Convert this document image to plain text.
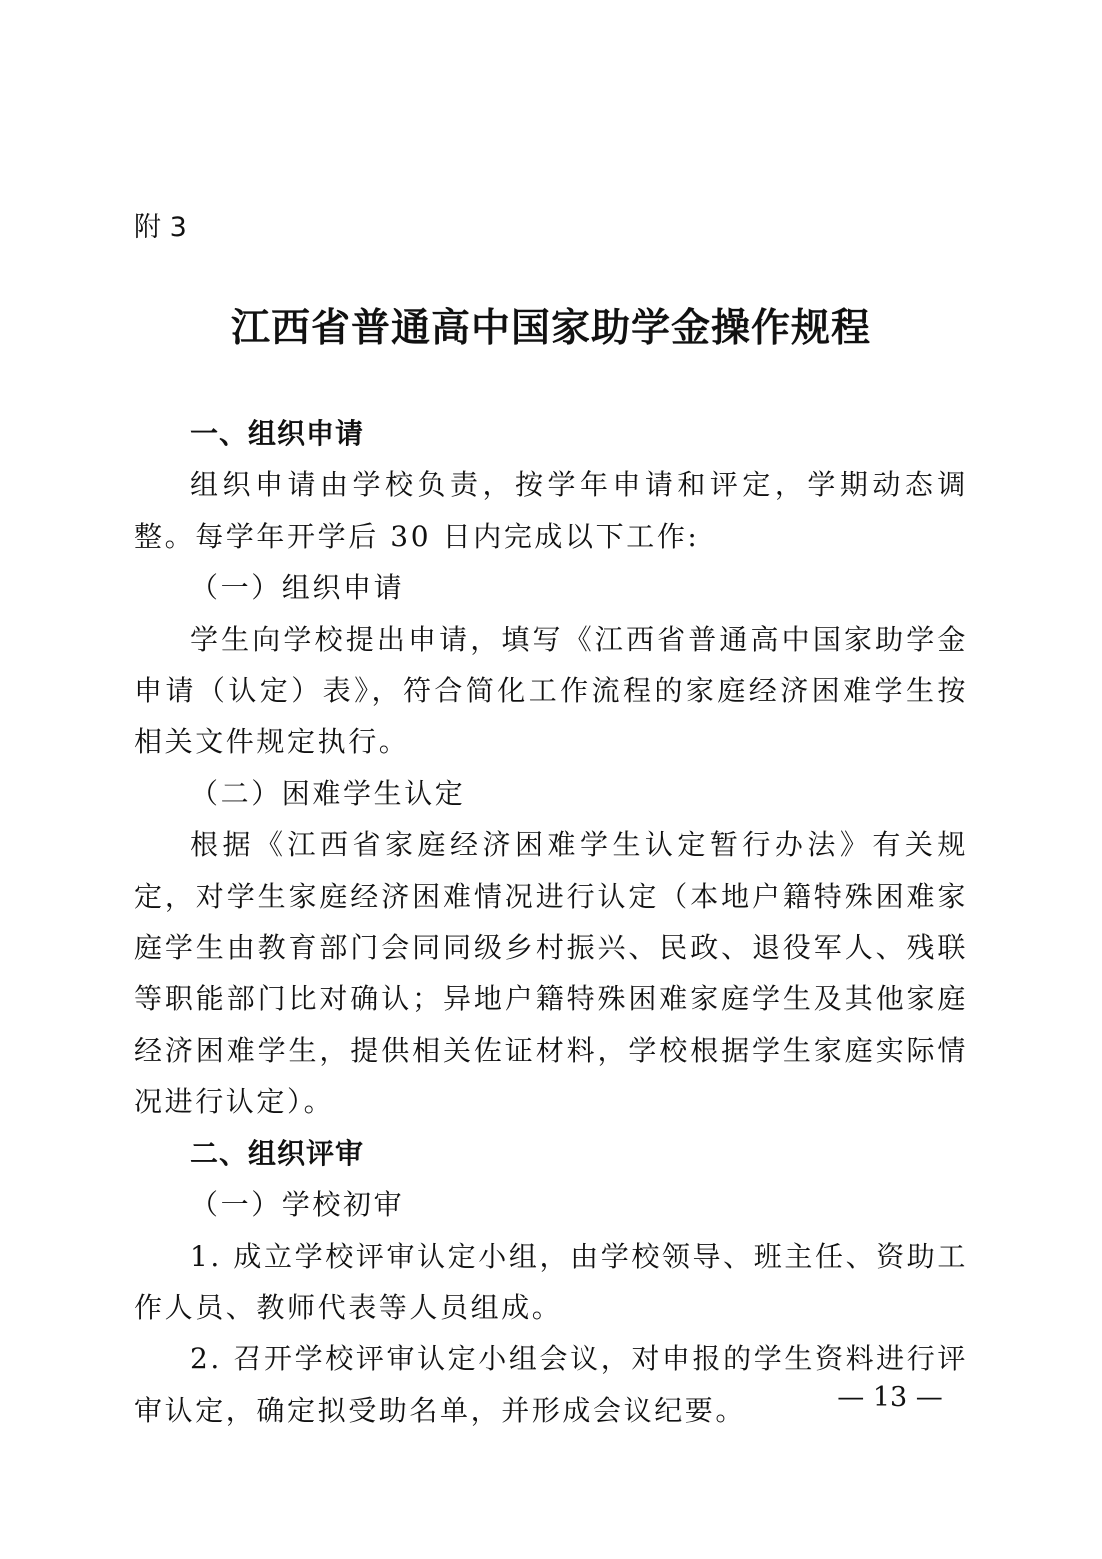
附 3
江西省普通高中国家助学金操作规程

一、组织申请

组织申请由学校负责，按学年申请和评定，学期动态调整。每学年开学后 30 日内完成以下工作:

（一）组织申请

学生向学校提出申请，填写《江西省普通高中国家助学金申请（认定）表》，符合简化工作流程的家庭经济困难学生按相关文件规定执行。

（二）困难学生认定

根据《江西省家庭经济困难学生认定暂行办法》有关规定，对学生家庭经济困难情况进行认定（本地户籍特殊困难家庭学生由教育部门会同同级乡村振兴、民政、退役军人、残联等职能部门比对确认；异地户籍特殊困难家庭学生及其他家庭经济困难学生，提供相关佐证材料，学校根据学生家庭实际情况进行认定）。

二、组织评审

（一）学校初审

1. 成立学校评审认定小组，由学校领导、班主任、资助工作人员、教师代表等人员组成。

2. 召开学校评审认定小组会议，对申报的学生资料进行评审认定，确定拟受助名单，并形成会议纪要。	— 13 —
